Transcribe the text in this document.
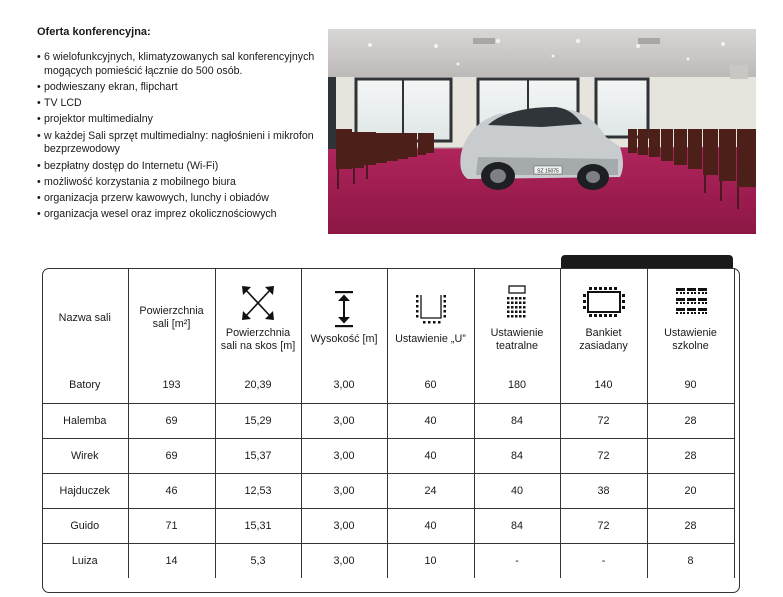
Oferta konferencyjna:
• 6 wielofunkcyjnych, klimatyzowanych sal konferencyjnych mogących pomieścić łącznie do 500 osób.
• podwieszany ekran, flipchart
• TV LCD
• projektor multimedialny
• w każdej Sali sprzęt multimedialny: nagłośnieni i mikrofon bezprzewodowy
• bezpłatny dostęp do Internetu (Wi-Fi)
• możliwość korzystania z mobilnego biura
• organizacja przerw kawowych, lunchy i obiadów
• organizacja wesel oraz imprez okolicznościowych
SZ 15075
Nazwa sali	Powierzchnia sali [m²]	Powierzchnia sali na skos [m]	Wysokość [m]	Ustawienie „U”	Ustawienie teatralne	Bankiet zasiadany	Ustawienie szkolne

Batory	193	20,39	3,00	60	180	140	90
Halemba	69	15,29	3,00	40	84	72	28
Wirek	69	15,37	3,00	40	84	72	28
Hajduczek	46	12,53	3,00	24	40	38	20
Guido	71	15,31	3,00	40	84	72	28
Luiza	14	5,3	3,00	10	-	-	8
